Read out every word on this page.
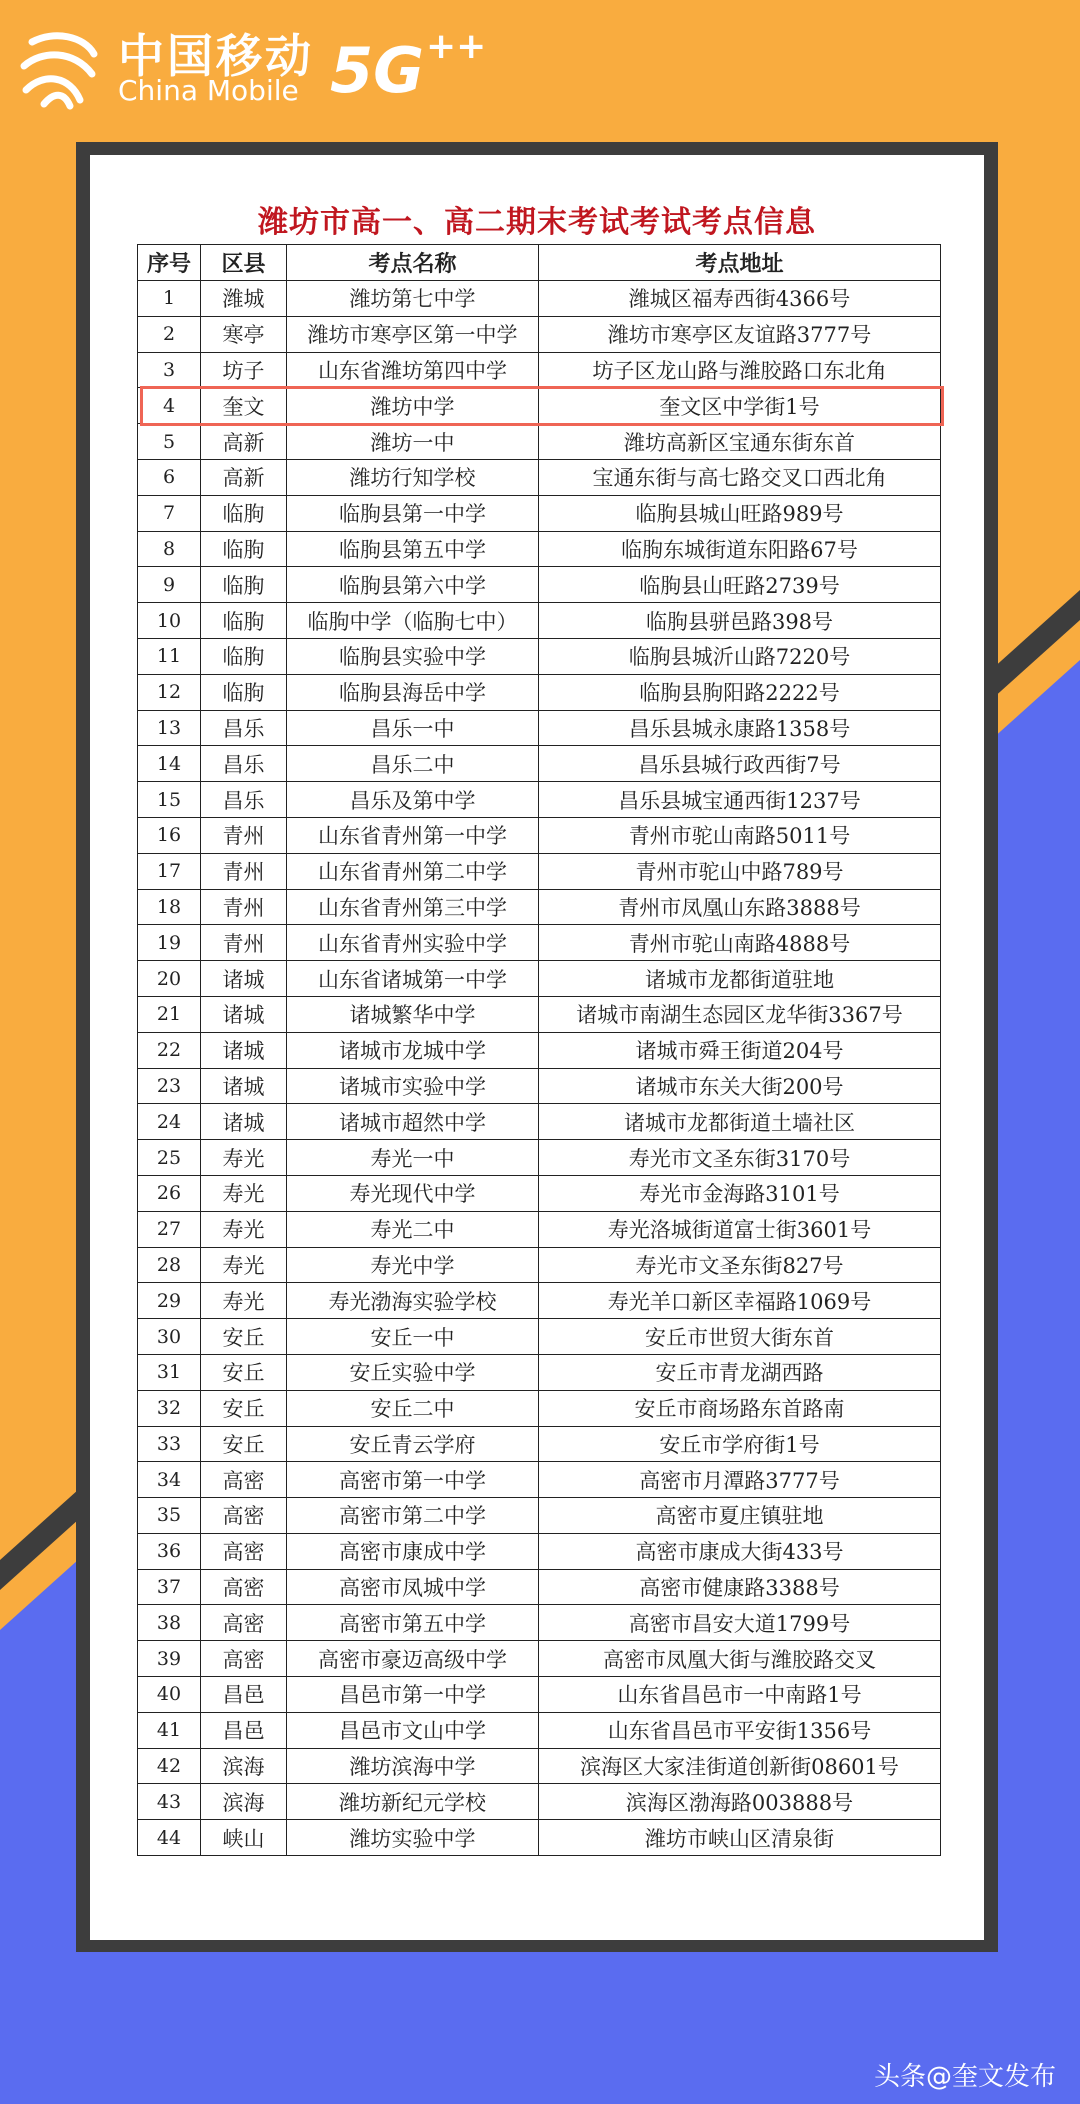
中国移动
China Mobile 5G ++
潍坊市高一、高二期末考试考试考点信息
序号	区县	考点名称	考点地址
1	潍城	潍坊第七中学	潍城区福寿西街4366号
2	寒亭	潍坊市寒亭区第一中学	潍坊市寒亭区友谊路3777号
3	坊子	山东省潍坊第四中学	坊子区龙山路与潍胶路口东北角
4	奎文	潍坊中学	奎文区中学街1号
5	高新	潍坊一中	潍坊高新区宝通东街东首
6	高新	潍坊行知学校	宝通东街与高七路交叉口西北角
7	临朐	临朐县第一中学	临朐县城山旺路989号
8	临朐	临朐县第五中学	临朐东城街道东阳路67号
9	临朐	临朐县第六中学	临朐县山旺路2739号
10	临朐	临朐中学（临朐七中）	临朐县骈邑路398号
11	临朐	临朐县实验中学	临朐县城沂山路7220号
12	临朐	临朐县海岳中学	临朐县朐阳路2222号
13	昌乐	昌乐一中	昌乐县城永康路1358号
14	昌乐	昌乐二中	昌乐县城行政西街7号
15	昌乐	昌乐及第中学	昌乐县城宝通西街1237号
16	青州	山东省青州第一中学	青州市驼山南路5011号
17	青州	山东省青州第二中学	青州市驼山中路789号
18	青州	山东省青州第三中学	青州市凤凰山东路3888号
19	青州	山东省青州实验中学	青州市驼山南路4888号
20	诸城	山东省诸城第一中学	诸城市龙都街道驻地
21	诸城	诸城繁华中学	诸城市南湖生态园区龙华街3367号
22	诸城	诸城市龙城中学	诸城市舜王街道204号
23	诸城	诸城市实验中学	诸城市东关大街200号
24	诸城	诸城市超然中学	诸城市龙都街道土墙社区
25	寿光	寿光一中	寿光市文圣东街3170号
26	寿光	寿光现代中学	寿光市金海路3101号
27	寿光	寿光二中	寿光洛城街道富士街3601号
28	寿光	寿光中学	寿光市文圣东街827号
29	寿光	寿光渤海实验学校	寿光羊口新区幸福路1069号
30	安丘	安丘一中	安丘市世贸大街东首
31	安丘	安丘实验中学	安丘市青龙湖西路
32	安丘	安丘二中	安丘市商场路东首路南
33	安丘	安丘青云学府	安丘市学府街1号
34	高密	高密市第一中学	高密市月潭路3777号
35	高密	高密市第二中学	高密市夏庄镇驻地
36	高密	高密市康成中学	高密市康成大街433号
37	高密	高密市凤城中学	高密市健康路3388号
38	高密	高密市第五中学	高密市昌安大道1799号
39	高密	高密市豪迈高级中学	高密市凤凰大街与潍胶路交叉
40	昌邑	昌邑市第一中学	山东省昌邑市一中南路1号
41	昌邑	昌邑市文山中学	山东省昌邑市平安街1356号
42	滨海	潍坊滨海中学	滨海区大家洼街道创新街08601号
43	滨海	潍坊新纪元学校	滨海区渤海路003888号
44	峡山	潍坊实验中学	潍坊市峡山区清泉街
头条@奎文发布
